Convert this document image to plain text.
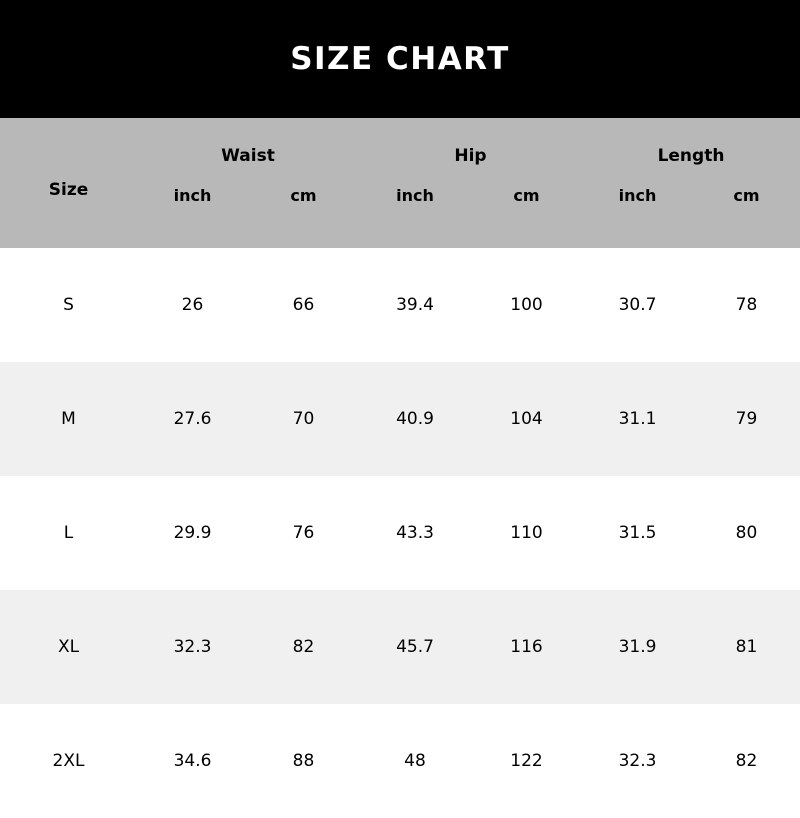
SIZE CHART
Size
Waist	Hip	Length
inch	cm	inch	cm	inch	cm
S	26	66	39.4	100	30.7	78
M	27.6	70	40.9	104	31.1	79
L	29.9	76	43.3	110	31.5	80
XL	32.3	82	45.7	116	31.9	81
2XL	34.6	88	48	122	32.3	82
